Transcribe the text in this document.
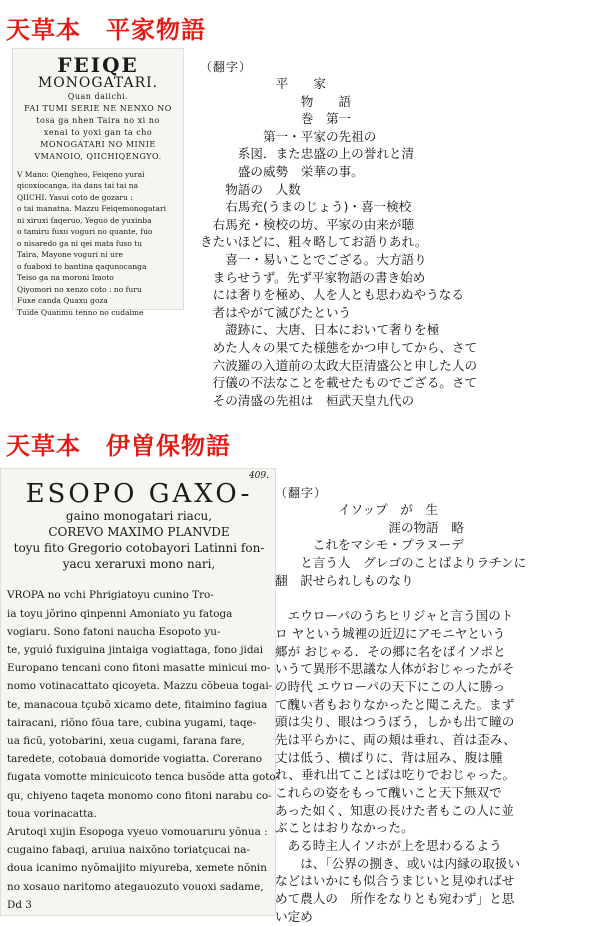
天草本　平家物語
FEIQE
MONOGATARI.
Quan daiichi.
FAI TUMI SERIE NE NENXO NO
tosa ga nhen Taira no xi no
xenai to yoxi gan ta cho
MONOGATARI NO MINIE
VMANOIO, QIICHIQENGYO.
V Mano: Qiengheo, Feiqeno yurai
qicoxiocanga, ita dans tai tai na
QIICHI. Yasui coto de gozaru :
o tai manatna. Mazzu Feiqemonogatari
ni xiruxi faqeruo, Yeguo de yuxinba
o tamiru fuxu voguri no quante, fuo
o nisaredo ga ni qei mata fuso tu
Taira, Mayone voguri ni ure
o fuaboxi to bantina qaqunocanga
Teiso ga na moroni Imoto
Qiyomori no xenzo coto : no furu
Fuxe canda Quaxu goza
Tuide Quanmu tenno no cudaime
（翻字）
　　　　　　平　　家
　　　　　　　　物　　語
　　　　　　　　巻　第一
　　　　　第一・平家の先祖の
　　　系図．また忠盛の上の誉れと清
　　　盛の威勢　栄華の事。
　　物語の　人数
　　右馬充(うまのじょう)・喜一検校
　右馬充・検校の坊、平家の由来が聴
きたいほどに、粗々略してお語りあれ。
　　喜一・易いことでござる。大方語り
　まらせうず。先ず平家物語の書き始め
　には奢りを極め、人を人とも思わぬやうなる
　者はやがて滅びたという
　　證跡に、大唐、日本において奢りを極
　めた人々の果てた様態をかつ申してから、さて
　六波羅の入道前の太政大臣清盛公と申した人の
　行儀の不法なことを載せたものでござる。さて
　その清盛の先祖は　桓武天皇九代の
天草本　伊曽保物語
409.
ESOPO GAXO-
gaino monogatari riacu,
COREVO MAXIMO PLANVDE
toyu fito Gregorio cotobayori Latinni fon-
yacu xeraruxi mono nari,
VROPA no vchi Phrigiatoyu cunino Tro-
ia toyu jŏrino qinpenni Amoniato yu fatoga
vogiaru. Sono fatoni naucha Esopoto yu-
te, yguió fuxiguina jintaiga vogiattaga, fono jidai
Europano tencani cono fitoni masatte minicui mo-
nomo votinacattato qicoyeta. Mazzu cŏbeua togai-
te, manacoua tçubŏ xicamo dete, fitaimino fagiua
tairacani, riŏno fŏua tare, cubina yugami, taqe-
ua ficŭ, yotobarini, xeua cugami, farana fare,
taredete, cotobaua domoride vogiatta. Corerano
fugata vomotte minicuicoto tenca busŏde atta goto-
qu, chiyeno taqeta monomo cono fitoni narabu co-
toua vorinacatta.
Arutoqi xujin Esopoga vyeuo vomouaruru yŏnua :
cugaino fabaqi, aruiua naixŏno toriatçucai na-
doua icanimo nyŏmaijito miyureba, xemete nŏnin
no xosauo naritomo ategauozuto vouoxi sadame,
Dd 3
（翻字）
　　　　　イソップ　が　生
　　　　　　　　　涯の物語　略
　　　これをマシモ・プラヌーデ
　　と言う人　グレゴのことばよりラチンに
翻　訳せられしものなり

　エウローパのうちヒリジャと言う国のト
ロ ヤという城裡の近辺にアモニヤという
郷が おじゃる．その郷に名をばイソポと
いうて異形不思議な人体がおじゃったがそ
の時代 エウローパの天下にこの人に勝っ
て醜い者もおりなかったと聞こえた。まず
頭は尖り、眼はつうぼう，しかも出て瞳の
先は平らかに、両の頬は垂れ、首は歪み、
丈は低う、横ばりに、背は屈み、腹は腫
れ、垂れ出てことばは吃りでおじゃった。
これらの姿をもって醜いこと天下無双で
あった如く、知恵の長けた者もこの人に並
ぶことはおりなかった。
　ある時主人イソホが上を思わるるよう
　　は、「公界の捌き、或いは内縁の取扱い
などはいかにも似合うまじいと見ゆればせ
めて農人の　所作をなりとも宛わず」と思
い定め
